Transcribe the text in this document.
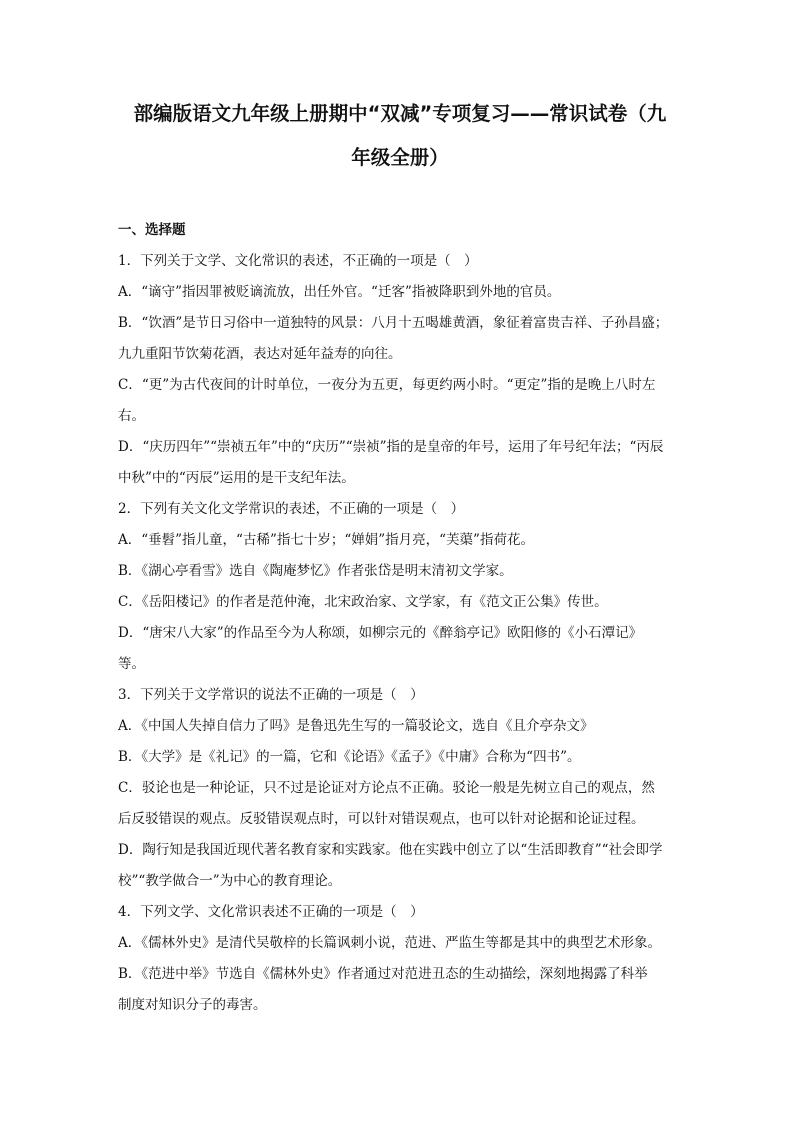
部编版语文九年级上册期中“双减”专项复习——常识试卷（九
年级全册）
一、选择题
1．下列关于文学、文化常识的表述，不正确的一项是（　）
A．“谪守”指因罪被贬谪流放，出任外官。“迁客”指被降职到外地的官员。
B．“饮酒”是节日习俗中一道独特的风景：八月十五喝雄黄酒，象征着富贵吉祥、子孙昌盛；
九九重阳节饮菊花酒，表达对延年益寿的向往。
C．“更”为古代夜间的计时单位，一夜分为五更，每更约两小时。“更定”指的是晚上八时左
右。
D．“庆历四年”“崇祯五年”中的“庆历”“崇祯”指的是皇帝的年号，运用了年号纪年法；“丙辰
中秋”中的“丙辰”运用的是干支纪年法。
2．下列有关文化文学常识的表述，不正确的一项是（　）
A．“垂髫”指儿童，“古稀”指七十岁；“婵娟”指月亮，“芙蕖”指荷花。
B．《湖心亭看雪》选自《陶庵梦忆》作者张岱是明末清初文学家。
C．《岳阳楼记》的作者是范仲淹，北宋政治家、文学家，有《范文正公集》传世。
D．“唐宋八大家”的作品至今为人称颂，如柳宗元的《醉翁亭记》欧阳修的《小石潭记》
等。
3．下列关于文学常识的说法不正确的一项是（　）
A．《中国人失掉自信力了吗》是鲁迅先生写的一篇驳论文，选自《且介亭杂文》
B．《大学》是《礼记》的一篇，它和《论语》《孟子》《中庸》合称为“四书”。
C．驳论也是一种论证，只不过是论证对方论点不正确。驳论一般是先树立自己的观点，然
后反驳错误的观点。反驳错误观点时，可以针对错误观点，也可以针对论据和论证过程。
D．陶行知是我国近现代著名教育家和实践家。他在实践中创立了以“生活即教育”“社会即学
校”“教学做合一”为中心的教育理论。
4．下列文学、文化常识表述不正确的一项是（　）
A．《儒林外史》是清代吴敬梓的长篇讽刺小说，范进、严监生等都是其中的典型艺术形象。
B．《范进中举》节选自《儒林外史》作者通过对范进丑态的生动描绘，深刻地揭露了科举
制度对知识分子的毒害。
